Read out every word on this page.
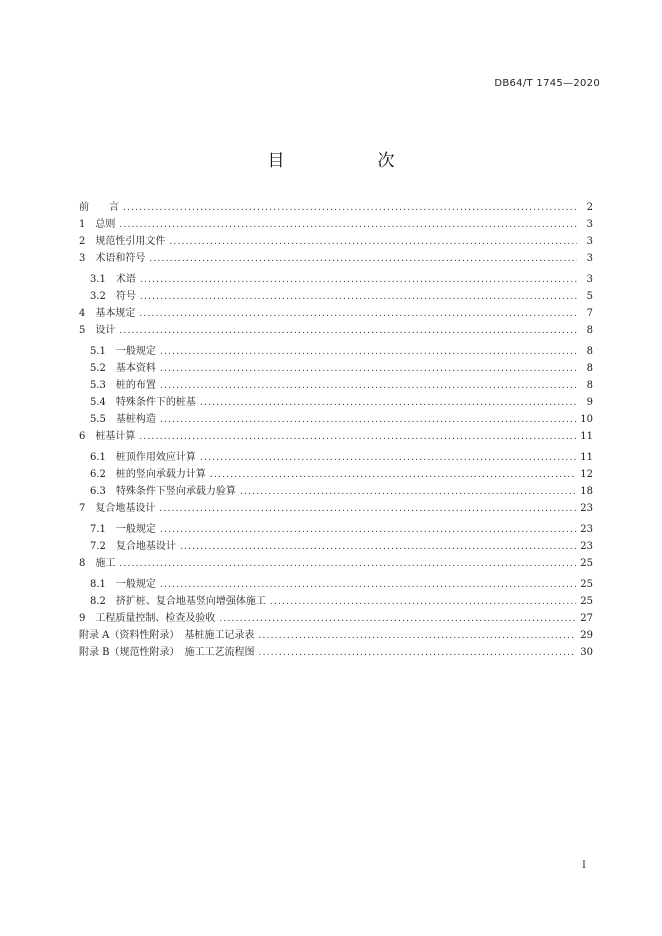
DB64/T 1745—2020
目　次
前　　言 .....	2
1　总则 .....	3
2　规范性引用文件 .....	3
3　术语和符号 .....	3
3.1　术语 .....	3
3.2　符号 .....	5
4　基本规定 .....	7
5　设计 .....	8
5.1　一般规定 .....	8
5.2　基本资料 .....	8
5.3　桩的布置 .....	8
5.4　特殊条件下的桩基 .....	9
5.5　基桩构造 .....	10
6　桩基计算 .....	11
6.1　桩顶作用效应计算 .....	11
6.2　桩的竖向承载力计算 .....	12
6.3　特殊条件下竖向承载力验算 .....	18
7　复合地基设计 .....	23
7.1　一般规定 .....	23
7.2　复合地基设计 .....	23
8　施工 .....	25
8.1　一般规定 .....	25
8.2　挤扩桩、复合地基竖向增强体施工 .....	25
9　工程质量控制、检查及验收 .....	27
附录 A（资料性附录）　基桩施工记录表 .....	29
附录 B（规范性附录）　施工工艺流程图 .....	30
I
